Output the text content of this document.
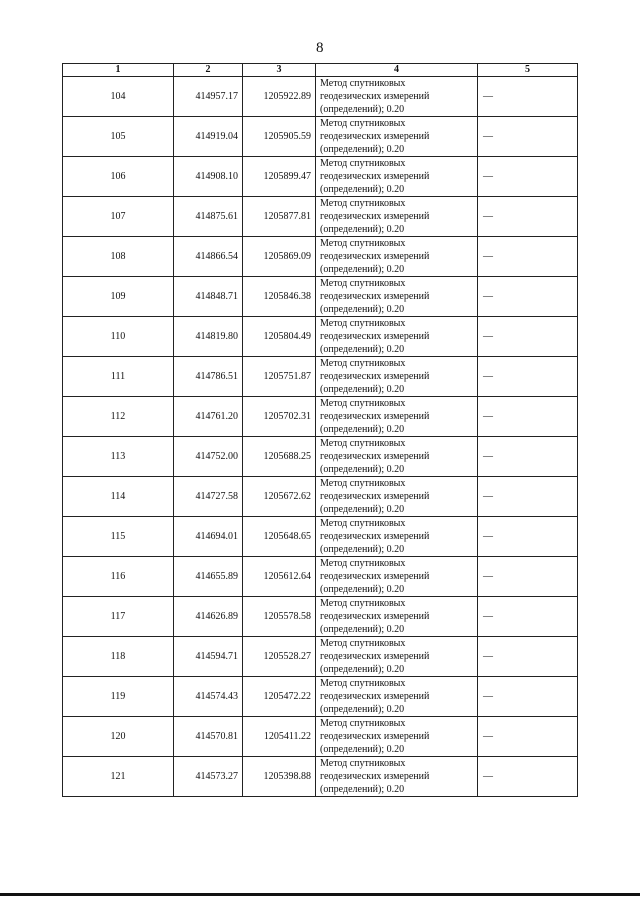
8
1	2	3	4	5
104	414957.17	1205922.89	Метод спутниковых
геодезических измерений
(определений); 0.20	—
105	414919.04	1205905.59	Метод спутниковых
геодезических измерений
(определений); 0.20	—
106	414908.10	1205899.47	Метод спутниковых
геодезических измерений
(определений); 0.20	—
107	414875.61	1205877.81	Метод спутниковых
геодезических измерений
(определений); 0.20	—
108	414866.54	1205869.09	Метод спутниковых
геодезических измерений
(определений); 0.20	—
109	414848.71	1205846.38	Метод спутниковых
геодезических измерений
(определений); 0.20	—
110	414819.80	1205804.49	Метод спутниковых
геодезических измерений
(определений); 0.20	—
111	414786.51	1205751.87	Метод спутниковых
геодезических измерений
(определений); 0.20	—
112	414761.20	1205702.31	Метод спутниковых
геодезических измерений
(определений); 0.20	—
113	414752.00	1205688.25	Метод спутниковых
геодезических измерений
(определений); 0.20	—
114	414727.58	1205672.62	Метод спутниковых
геодезических измерений
(определений); 0.20	—
115	414694.01	1205648.65	Метод спутниковых
геодезических измерений
(определений); 0.20	—
116	414655.89	1205612.64	Метод спутниковых
геодезических измерений
(определений); 0.20	—
117	414626.89	1205578.58	Метод спутниковых
геодезических измерений
(определений); 0.20	—
118	414594.71	1205528.27	Метод спутниковых
геодезических измерений
(определений); 0.20	—
119	414574.43	1205472.22	Метод спутниковых
геодезических измерений
(определений); 0.20	—
120	414570.81	1205411.22	Метод спутниковых
геодезических измерений
(определений); 0.20	—
121	414573.27	1205398.88	Метод спутниковых
геодезических измерений
(определений); 0.20	—
